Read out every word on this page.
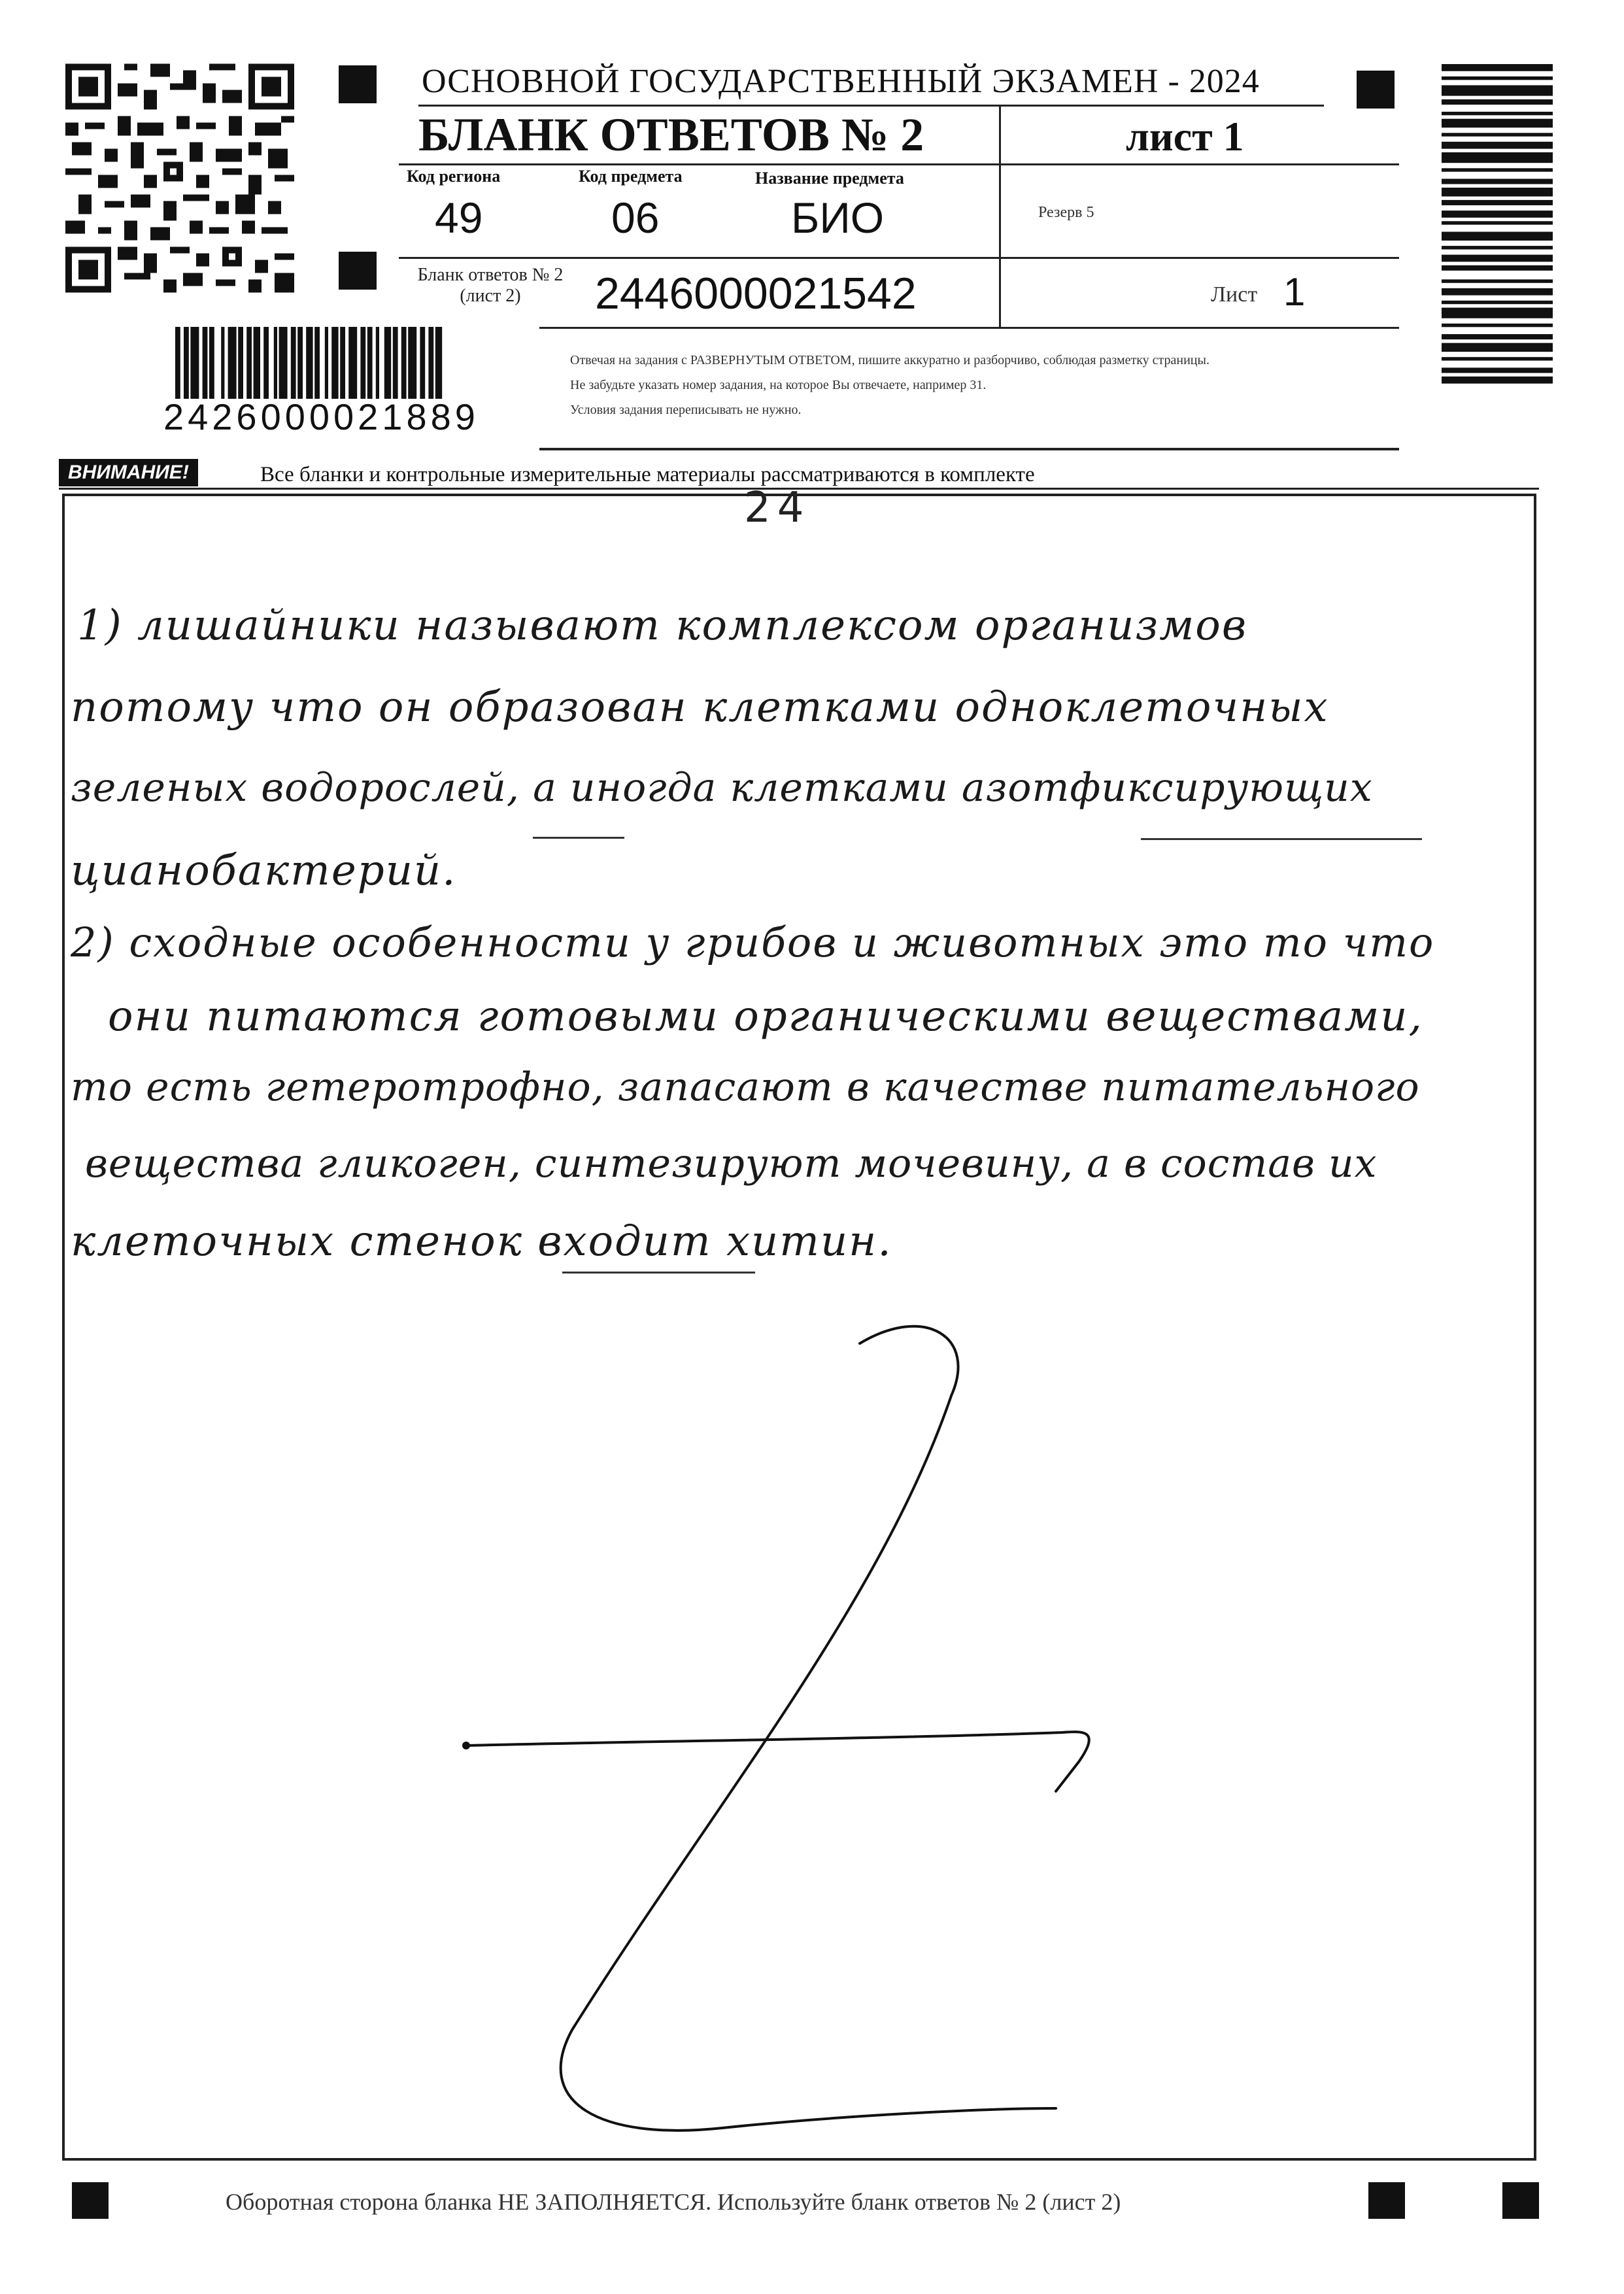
ОСНОВНОЙ ГОСУДАРСТВЕННЫЙ ЭКЗАМЕН - 2024
БЛАНК ОТВЕТОВ № 2	лист 1
Код региона	Код предмета	Название предмета
49	06	БИО	Резерв 5
Бланк ответов № 2
(лист 2)	2446000021542	Лист 1
Отвечая на задания с РАЗВЕРНУТЫМ ОТВЕТОМ, пишите аккуратно и разборчиво, соблюдая разметку страницы.
Не забудьте указать номер задания, на которое Вы отвечаете, например 31.
Условия задания переписывать не нужно.
2426000021889
ВНИМАНИЕ!	Все бланки и контрольные измерительные материалы рассматриваются в комплекте
24
1) лишайники называют комплексом организмов
потому что он образован клетками одноклеточных
зеленых водорослей, а иногда клетками азотфиксирующих
цианобактерий.
2) сходные особенности у грибов и животных это то что
они питаются готовыми органическими веществами,
то есть гетеротрофно, запасают в качестве питательного
вещества гликоген, синтезируют мочевину, а в состав их
клеточных стенок входит хитин.
Оборотная сторона бланка НЕ ЗАПОЛНЯЕТСЯ. Используйте бланк ответов № 2 (лист 2)
